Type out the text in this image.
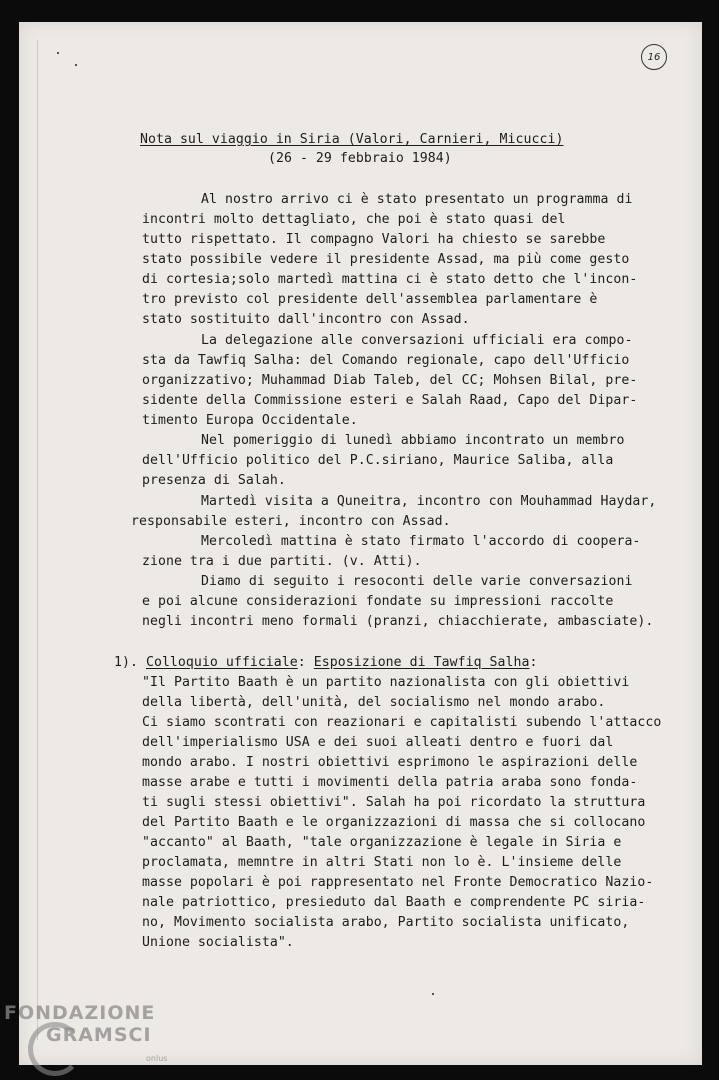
16
Nota sul viaggio in Siria (Valori, Carnieri, Micucci)
(26 - 29 febbraio 1984)
Al nostro arrivo ci è stato presentato un programma di
incontri molto dettagliato, che poi è stato quasi del
tutto rispettato. Il compagno Valori ha chiesto se sarebbe
stato possibile vedere il presidente Assad, ma più come gesto
di cortesia;solo martedì mattina ci è stato detto che l'incon-
tro previsto col presidente dell'assemblea parlamentare è
stato sostituito dall'incontro con Assad.
La delegazione alle conversazioni ufficiali era compo-
sta da Tawfiq Salha: del Comando regionale, capo dell'Ufficio
organizzativo; Muhammad Diab Taleb, del CC; Mohsen Bilal, pre-
sidente della Commissione esteri e Salah Raad, Capo del Dipar-
timento Europa Occidentale.
Nel pomeriggio di lunedì abbiamo incontrato un membro
dell'Ufficio politico del P.C.siriano, Maurice Saliba, alla
presenza di Salah.
Martedì visita a Quneitra, incontro con Mouhammad Haydar,
responsabile esteri, incontro con Assad.
Mercoledì mattina è stato firmato l'accordo di coopera-
zione tra i due partiti. (v. Atti).
Diamo di seguito i resoconti delle varie conversazioni
e poi alcune considerazioni fondate su impressioni raccolte
negli incontri meno formali (pranzi, chiacchierate, ambasciate).
1). Colloquio ufficiale: Esposizione di Tawfiq Salha:
"Il Partito Baath è un partito nazionalista con gli obiettivi
della libertà, dell'unità, del socialismo nel mondo arabo.
Ci siamo scontrati con reazionari e capitalisti subendo l'attacco
dell'imperialismo USA e dei suoi alleati dentro e fuori dal
mondo arabo. I nostri obiettivi esprimono le aspirazioni delle
masse arabe e tutti i movimenti della patria araba sono fonda-
ti sugli stessi obiettivi". Salah ha poi ricordato la struttura
del Partito Baath e le organizzazioni di massa che si collocano
"accanto" al Baath, "tale organizzazione è legale in Siria e
proclamata, memntre in altri Stati non lo è. L'insieme delle
masse popolari è poi rappresentato nel Fronte Democratico Nazio-
nale patriottico, presieduto dal Baath e comprendente PC siria-
no, Movimento socialista arabo, Partito socialista unificato,
Unione socialista".
FONDAZIONE
GRAMSCI
onlus
